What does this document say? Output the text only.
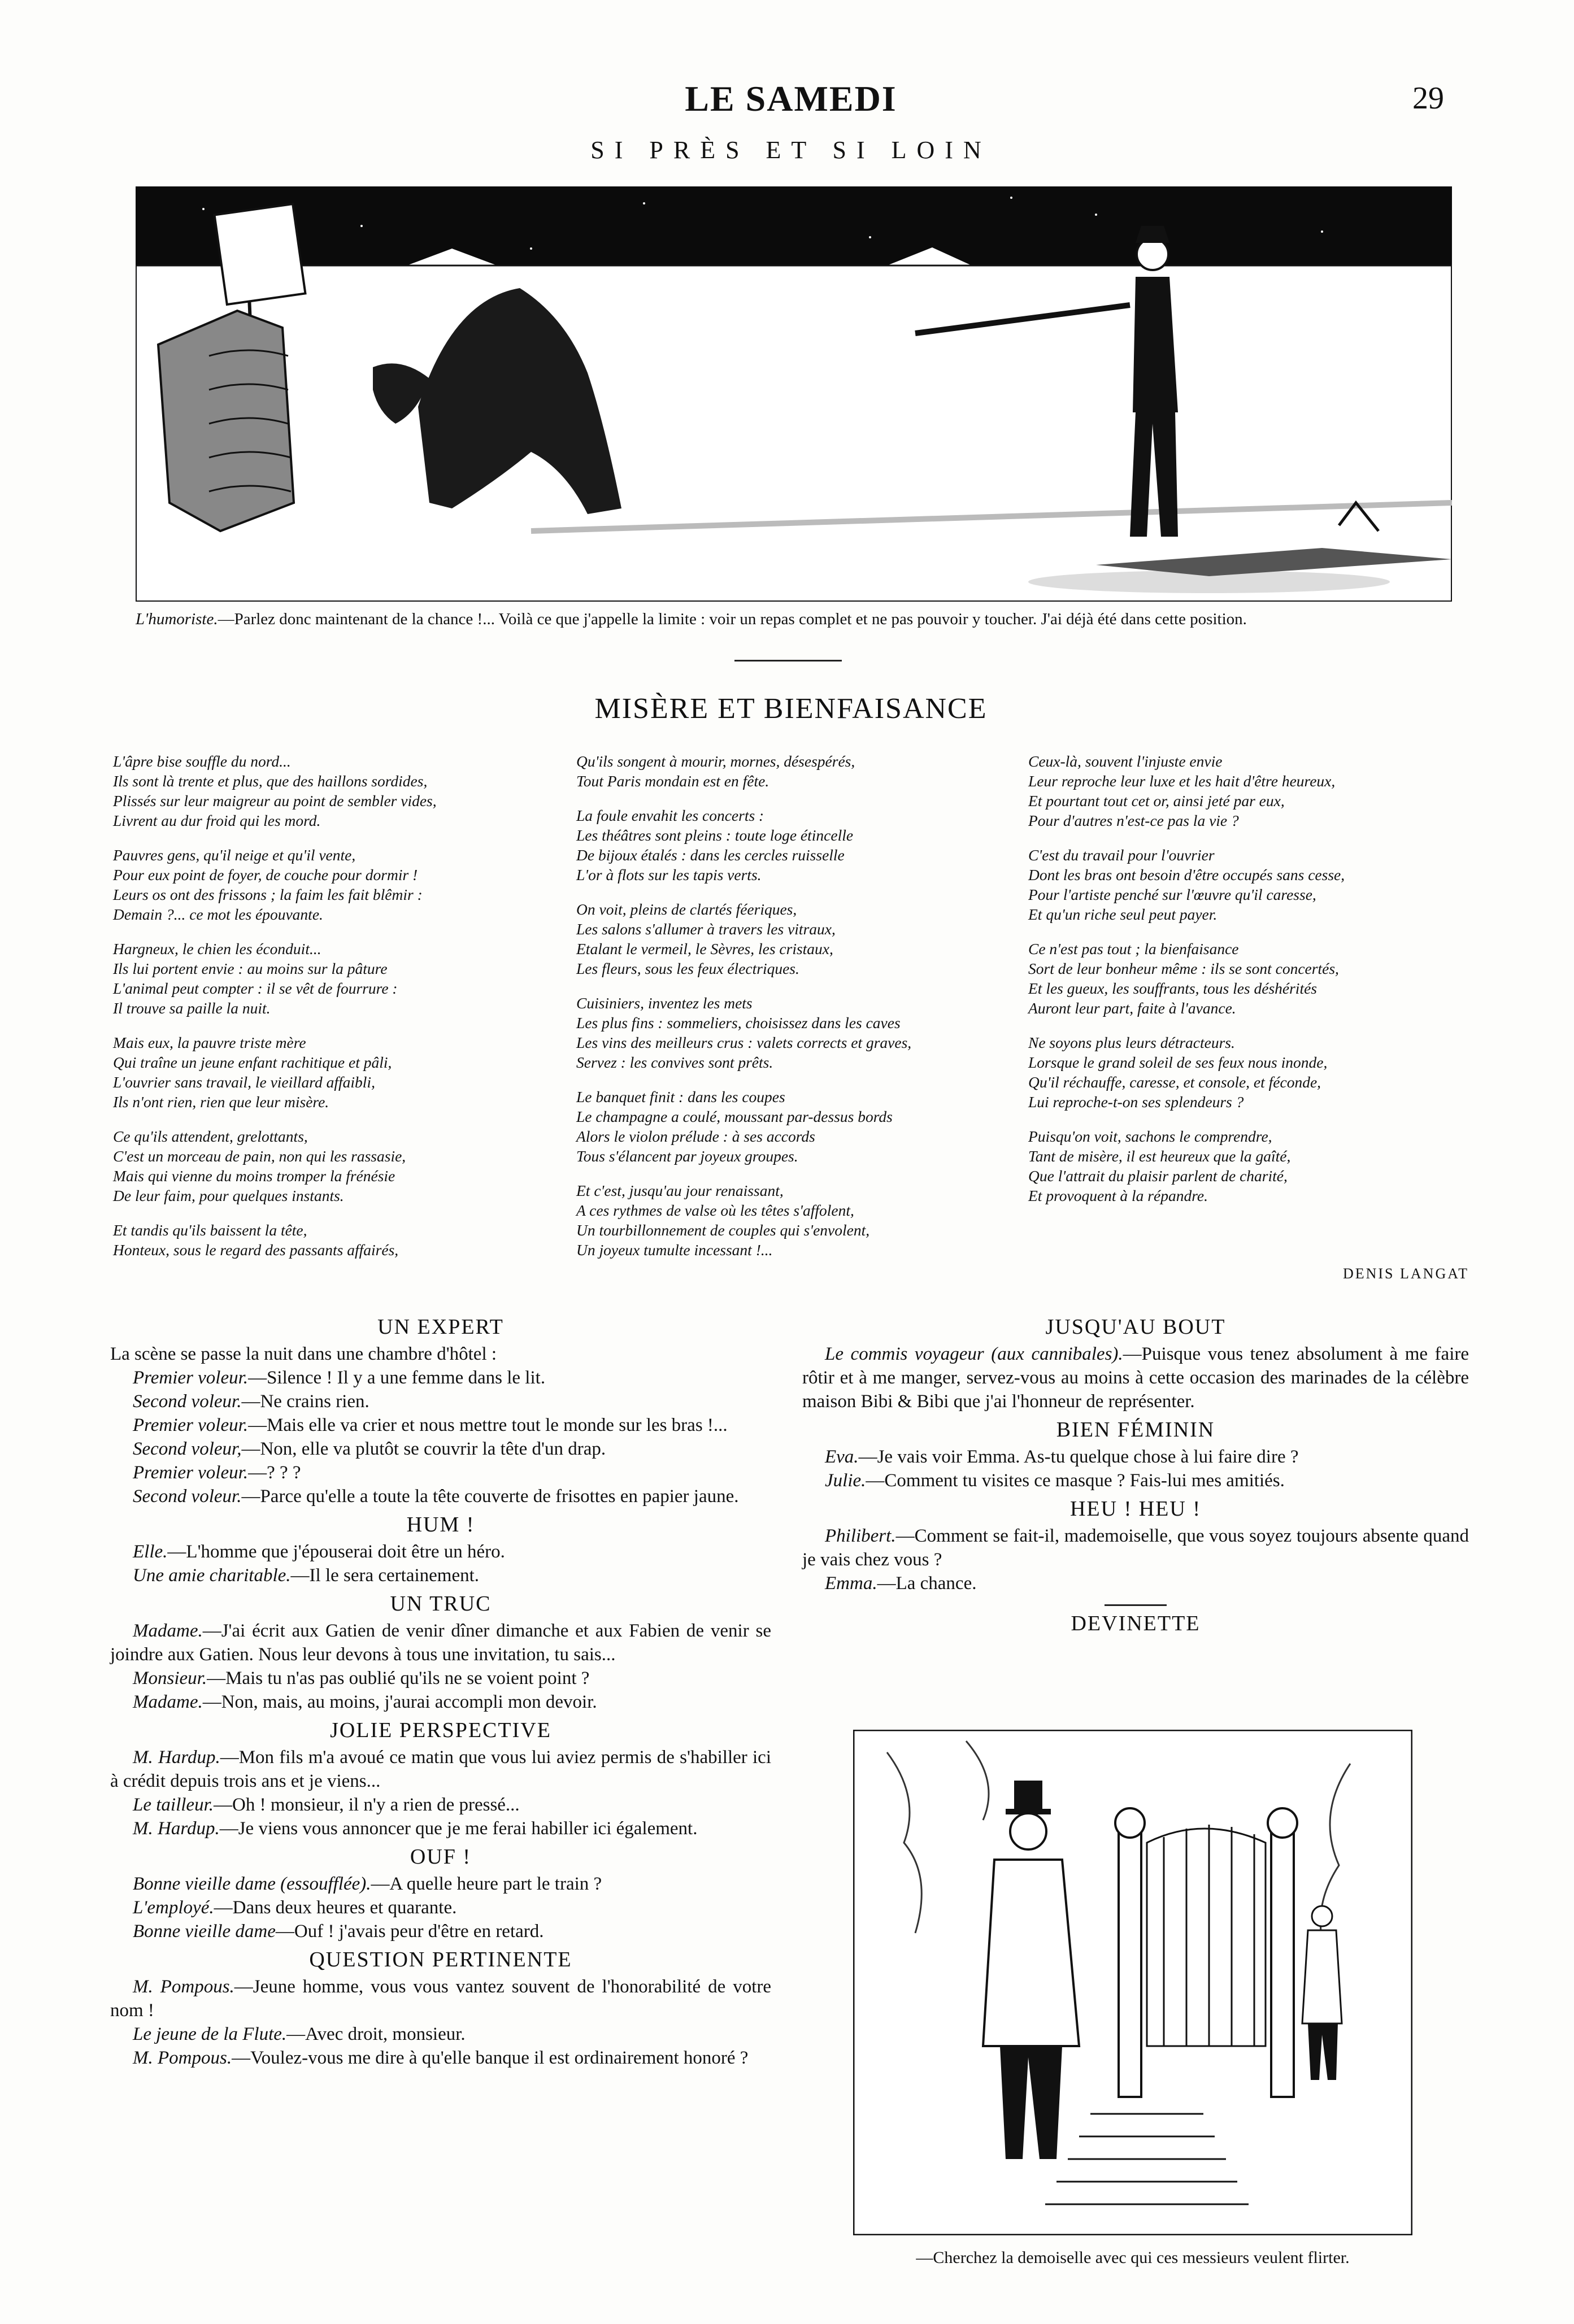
LE SAMEDI	29
SI PRÈS ET SI LOIN
L'humoriste.—Parlez donc maintenant de la chance !... Voilà ce que j'appelle la limite : voir un repas complet et ne pas pouvoir y toucher. J'ai déjà été dans cette position.
MISÈRE ET BIENFAISANCE
L'âpre bise souffle du nord...
Ils sont là trente et plus, que des haillons sordides,
Plissés sur leur maigreur au point de sembler vides,
Livrent au dur froid qui les mord.
Pauvres gens, qu'il neige et qu'il vente,
Pour eux point de foyer, de couche pour dormir !
Leurs os ont des frissons ; la faim les fait blêmir :
Demain ?... ce mot les épouvante.
Hargneux, le chien les éconduit...
Ils lui portent envie : au moins sur la pâture
L'animal peut compter : il se vêt de fourrure :
Il trouve sa paille la nuit.
Mais eux, la pauvre triste mère
Qui traîne un jeune enfant rachitique et pâli,
L'ouvrier sans travail, le vieillard affaibli,
Ils n'ont rien, rien que leur misère.
Ce qu'ils attendent, grelottants,
C'est un morceau de pain, non qui les rassasie,
Mais qui vienne du moins tromper la frénésie
De leur faim, pour quelques instants.
Et tandis qu'ils baissent la tête,
Honteux, sous le regard des passants affairés,
Qu'ils songent à mourir, mornes, désespérés,
Tout Paris mondain est en fête.
La foule envahit les concerts :
Les théâtres sont pleins : toute loge étincelle
De bijoux étalés : dans les cercles ruisselle
L'or à flots sur les tapis verts.
On voit, pleins de clartés féeriques,
Les salons s'allumer à travers les vitraux,
Etalant le vermeil, le Sèvres, les cristaux,
Les fleurs, sous les feux électriques.
Cuisiniers, inventez les mets
Les plus fins : sommeliers, choisissez dans les caves
Les vins des meilleurs crus : valets corrects et graves,
Servez : les convives sont prêts.
Le banquet finit : dans les coupes
Le champagne a coulé, moussant par-dessus bords
Alors le violon prélude : à ses accords
Tous s'élancent par joyeux groupes.
Et c'est, jusqu'au jour renaissant,
A ces rythmes de valse où les têtes s'affolent,
Un tourbillonnement de couples qui s'envolent,
Un joyeux tumulte incessant !...
Ceux-là, souvent l'injuste envie
Leur reproche leur luxe et les hait d'être heureux,
Et pourtant tout cet or, ainsi jeté par eux,
Pour d'autres n'est-ce pas la vie ?
C'est du travail pour l'ouvrier
Dont les bras ont besoin d'être occupés sans cesse,
Pour l'artiste penché sur l'œuvre qu'il caresse,
Et qu'un riche seul peut payer.
Ce n'est pas tout ; la bienfaisance
Sort de leur bonheur même : ils se sont concertés,
Et les gueux, les souffrants, tous les déshérités
Auront leur part, faite à l'avance.
Ne soyons plus leurs détracteurs.
Lorsque le grand soleil de ses feux nous inonde,
Qu'il réchauffe, caresse, et console, et féconde,
Lui reproche-t-on ses splendeurs ?
Puisqu'on voit, sachons le comprendre,
Tant de misère, il est heureux que la gaîté,
Que l'attrait du plaisir parlent de charité,
Et provoquent à la répandre.
DENIS LANGAT
UN EXPERT

La scène se passe la nuit dans une chambre d'hôtel :

Premier voleur.—Silence ! Il y a une femme dans le lit.

Second voleur.—Ne crains rien.

Premier voleur.—Mais elle va crier et nous mettre tout le monde sur les bras !...

Second voleur,—Non, elle va plutôt se couvrir la tête d'un drap.

Premier voleur.—? ? ?

Second voleur.—Parce qu'elle a toute la tête couverte de frisottes en papier jaune.

HUM !

Elle.—L'homme que j'épouserai doit être un héro.

Une amie charitable.—Il le sera certainement.

UN TRUC

Madame.—J'ai écrit aux Gatien de venir dîner dimanche et aux Fabien de venir se joindre aux Gatien. Nous leur devons à tous une invitation, tu sais...

Monsieur.—Mais tu n'as pas oublié qu'ils ne se voient point ?

Madame.—Non, mais, au moins, j'aurai accompli mon devoir.

JOLIE PERSPECTIVE

M. Hardup.—Mon fils m'a avoué ce matin que vous lui aviez permis de s'habiller ici à crédit depuis trois ans et je viens...

Le tailleur.—Oh ! monsieur, il n'y a rien de pressé...

M. Hardup.—Je viens vous annoncer que je me ferai habiller ici également.

OUF !

Bonne vieille dame (essoufflée).—A quelle heure part le train ?

L'employé.—Dans deux heures et quarante.

Bonne vieille dame—Ouf ! j'avais peur d'être en retard.

QUESTION PERTINENTE

M. Pompous.—Jeune homme, vous vous vantez souvent de l'honorabilité de votre nom !

Le jeune de la Flute.—Avec droit, monsieur.

M. Pompous.—Voulez-vous me dire à qu'elle banque il est ordinairement honoré ?

JUSQU'AU BOUT

Le commis voyageur (aux cannibales).—Puisque vous tenez absolument à me faire rôtir et à me manger, servez-vous au moins à cette occasion des marinades de la célèbre maison Bibi & Bibi que j'ai l'honneur de représenter.

BIEN FÉMININ

Eva.—Je vais voir Emma. As-tu quelque chose à lui faire dire ?

Julie.—Comment tu visites ce masque ? Fais-lui mes amitiés.

HEU ! HEU !

Philibert.—Comment se fait-il, mademoiselle, que vous soyez toujours absente quand je vais chez vous ?

Emma.—La chance.

DEVINETTE
—Cherchez la demoiselle avec qui ces messieurs veulent flirter.
